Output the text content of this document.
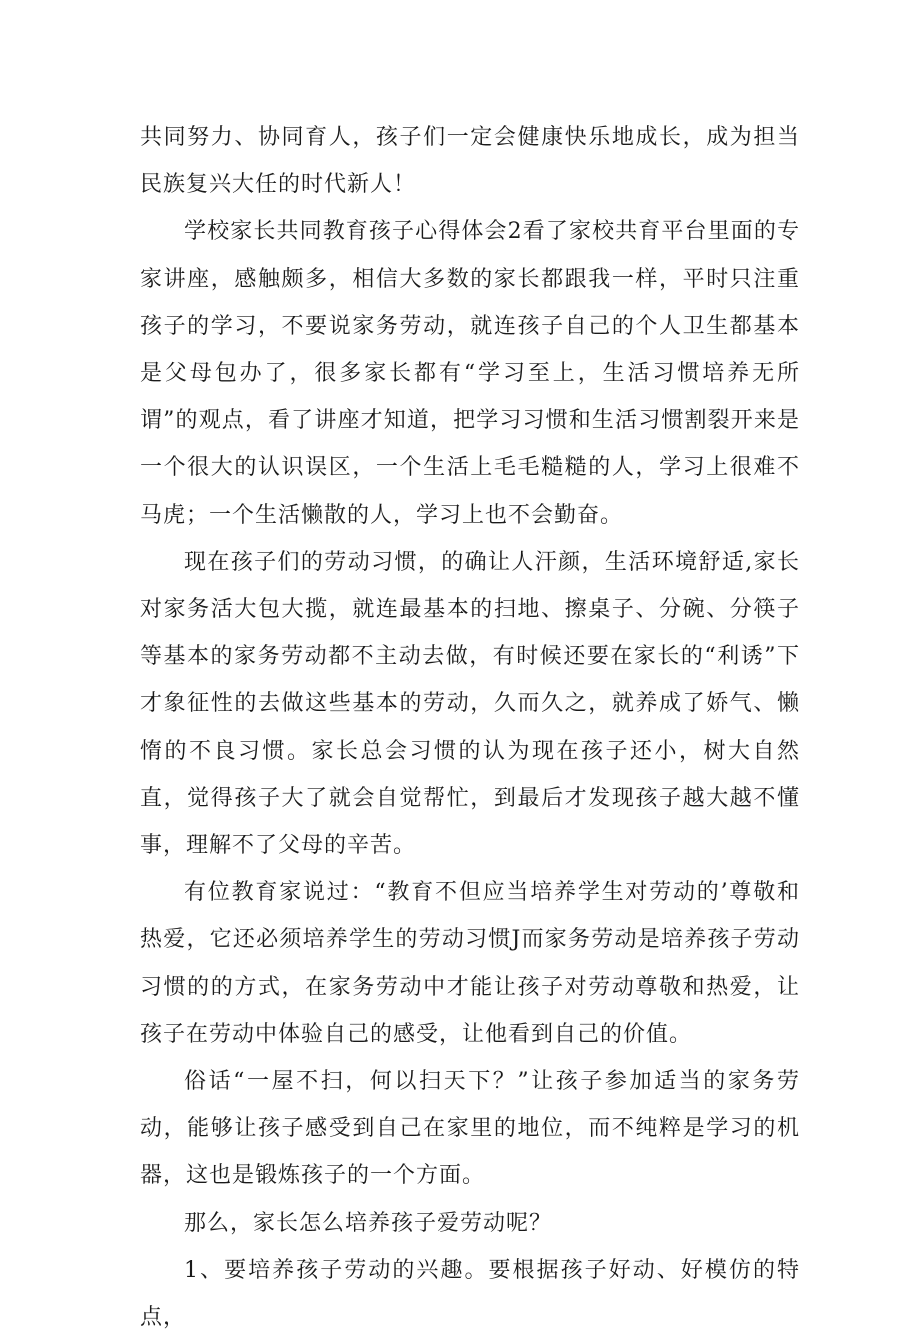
共同努力、协同育人，孩子们一定会健康快乐地成长，成为担当民族复兴大任的时代新人！

学校家长共同教育孩子心得体会2看了家校共育平台里面的专家讲座，感触颇多，相信大多数的家长都跟我一样，平时只注重孩子的学习，不要说家务劳动，就连孩子自己的个人卫生都基本是父母包办了，很多家长都有“学习至上，生活习惯培养无所谓”的观点，看了讲座才知道，把学习习惯和生活习惯割裂开来是一个很大的认识误区，一个生活上毛毛糙糙的人，学习上很难不马虎；一个生活懒散的人，学习上也不会勤奋。

现在孩子们的劳动习惯，的确让人汗颜，生活环境舒适,家长对家务活大包大揽，就连最基本的扫地、擦桌子、分碗、分筷子等基本的家务劳动都不主动去做，有时候还要在家长的“利诱”下才象征性的去做这些基本的劳动，久而久之，就养成了娇气、懒惰的不良习惯。家长总会习惯的认为现在孩子还小，树大自然直，觉得孩子大了就会自觉帮忙，到最后才发现孩子越大越不懂事，理解不了父母的辛苦。

有位教育家说过：“教育不但应当培养学生对劳动的’尊敬和热爱，它还必须培养学生的劳动习惯J而家务劳动是培养孩子劳动习惯的的方式，在家务劳动中才能让孩子对劳动尊敬和热爱，让孩子在劳动中体验自己的感受，让他看到自己的价值。

俗话“一屋不扫，何以扫天下？”让孩子参加适当的家务劳动，能够让孩子感受到自己在家里的地位，而不纯粹是学习的机器，这也是锻炼孩子的一个方面。

那么，家长怎么培养孩子爱劳动呢？

1、要培养孩子劳动的兴趣。要根据孩子好动、好模仿的特点，
